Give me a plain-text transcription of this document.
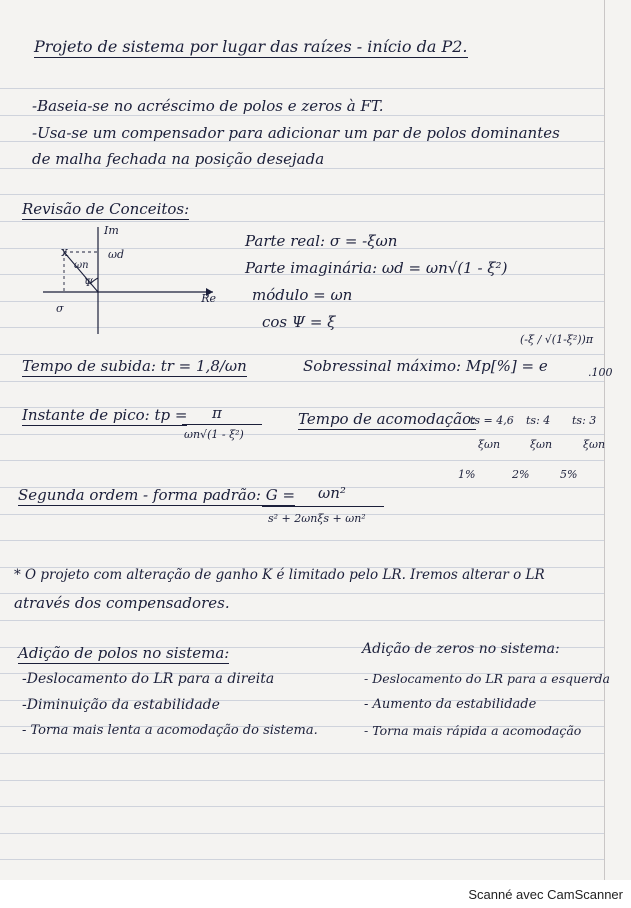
Projeto de sistema por lugar das raízes - início da P2.
-Baseia-se no acréscimo de polos e zeros à FT.
-Usa-se um compensador para adicionar um par de polos dominantes
de malha fechada na posição desejada
Revisão de Conceitos:
x
Im
Re
ωd
ωn
Ψ
σ
Parte real: σ = -ξωn
Parte imaginária: ωd = ωn√(1 - ξ²)
módulo = ωn
cos Ψ = ξ
Tempo de subida: tr = 1,8/ωn	Sobressinal máximo: Mp[%] = e
(-ξ / √(1-ξ²))π
.100
Instante de pico: tp = π
ωn√(1 - ξ²)
Tempo de acomodação:
ts = 4,6 ts: 4 ts: 3
ξωn	ξωn	ξωn
1%	2%	5%
Segunda ordem - forma padrão: G = ωn²
s² + 2ωnξs + ωn²
* O projeto com alteração de ganho K é limitado pelo LR. Iremos alterar o LR
através dos compensadores.
Adição de polos no sistema:
-Deslocamento do LR para a direita
-Diminuição da estabilidade
- Torna mais lenta a acomodação do sistema.
Adição de zeros no sistema:
- Deslocamento do LR para a esquerda
- Aumento da estabilidade
- Torna mais rápida a acomodação
Scanné avec CamScanner
